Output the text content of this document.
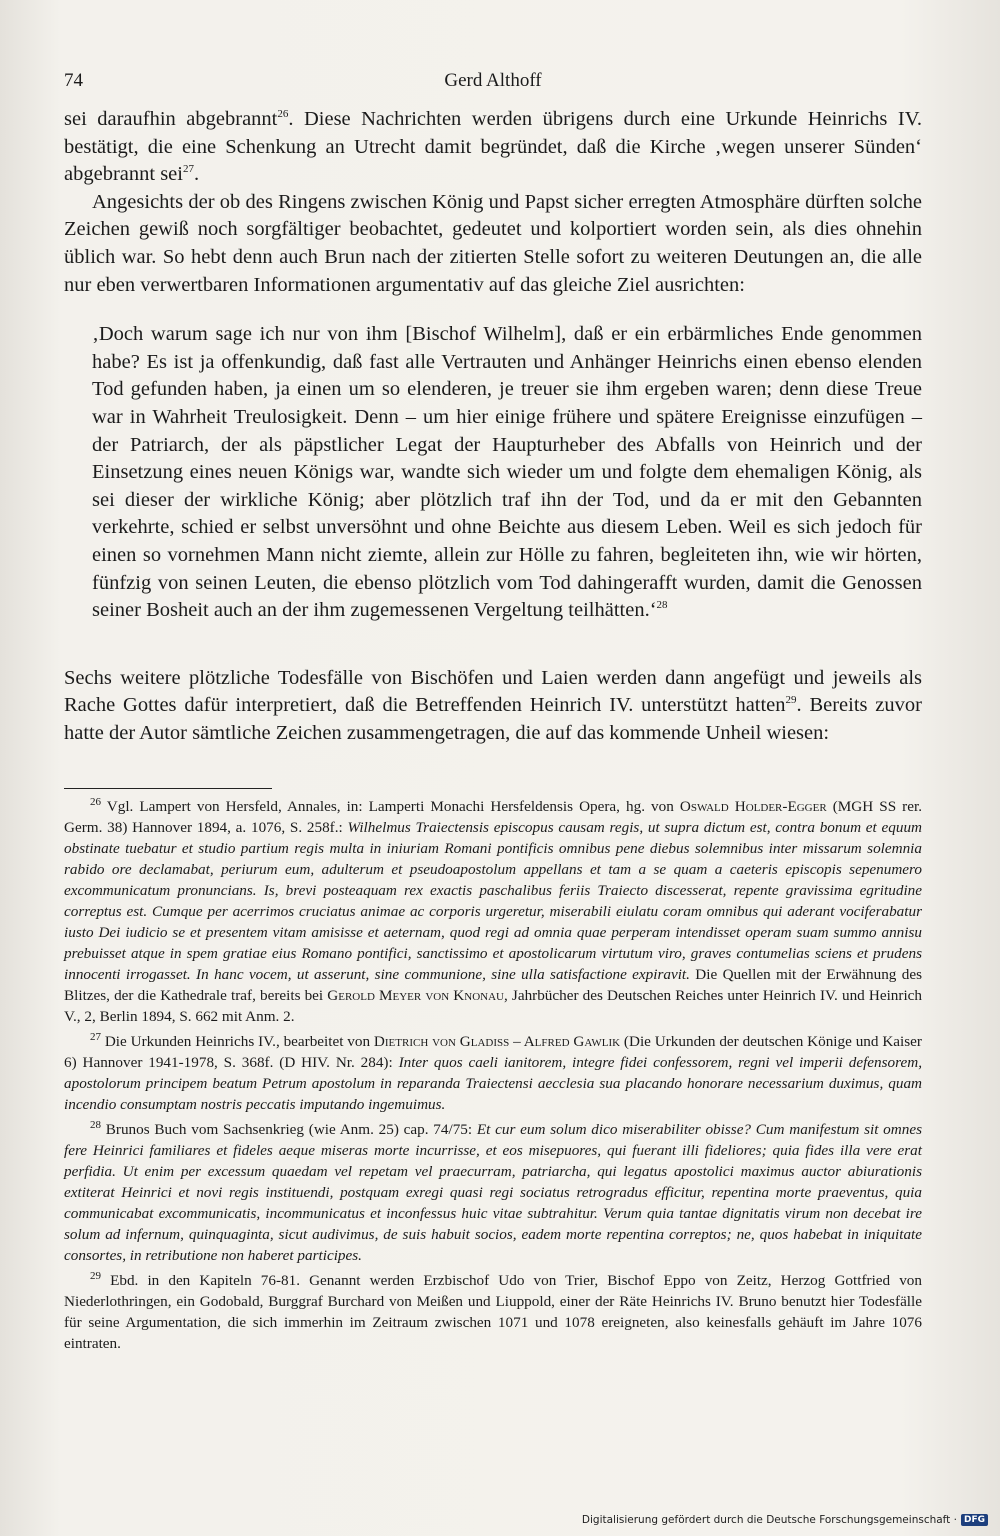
74	Gerd Althoff

sei daraufhin abgebrannt$^{26}$. Diese Nachrichten werden übrigens durch eine Urkunde Heinrichs IV. bestätigt, die eine Schenkung an Utrecht damit begründet, daß die Kirche ‚wegen unserer Sünden‘ abgebrannt sei$^{27}$.

Angesichts der ob des Ringens zwischen König und Papst sicher erregten Atmosphäre dürften solche Zeichen gewiß noch sorgfältiger beobachtet, gedeutet und kolportiert worden sein, als dies ohnehin üblich war. So hebt denn auch Brun nach der zitierten Stelle sofort zu weiteren Deutungen an, die alle nur eben verwertbaren Informationen argumentativ auf das gleiche Ziel ausrichten:

‚Doch warum sage ich nur von ihm [Bischof Wilhelm], daß er ein erbärmliches Ende genommen habe? Es ist ja offenkundig, daß fast alle Vertrauten und Anhänger Heinrichs einen ebenso elenden Tod gefunden haben, ja einen um so elenderen, je treuer sie ihm ergeben waren; denn diese Treue war in Wahrheit Treulosigkeit. Denn – um hier einige frühere und spätere Ereignisse einzufügen – der Patriarch, der als päpstlicher Legat der Haupturheber des Abfalls von Heinrich und der Einsetzung eines neuen Königs war, wandte sich wieder um und folgte dem ehemaligen König, als sei dieser der wirkliche König; aber plötzlich traf ihn der Tod, und da er mit den Gebannten verkehrte, schied er selbst unversöhnt und ohne Beichte aus diesem Leben. Weil es sich jedoch für einen so vornehmen Mann nicht ziemte, allein zur Hölle zu fahren, begleiteten ihn, wie wir hörten, fünfzig von seinen Leuten, die ebenso plötzlich vom Tod dahingerafft wurden, damit die Genossen seiner Bosheit auch an der ihm zugemessenen Vergeltung teilhätten.‘$^{28}$

Sechs weitere plötzliche Todesfälle von Bischöfen und Laien werden dann angefügt und jeweils als Rache Gottes dafür interpretiert, daß die Betreffenden Heinrich IV. unterstützt hatten$^{29}$. Bereits zuvor hatte der Autor sämtliche Zeichen zusammengetragen, die auf das kommende Unheil wiesen:

$^{26}$ Vgl. Lampert von Hersfeld, Annales, in: Lamperti Monachi Hersfeldensis Opera, hg. von Oswald Holder-Egger (MGH SS rer. Germ. 38) Hannover 1894, a. 1076, S. 258f.: Wilhelmus Traiectensis episcopus causam regis, ut supra dictum est, contra bonum et equum obstinate tuebatur et studio partium regis multa in iniuriam Romani pontificis omnibus pene diebus solemnibus inter missarum solemnia rabido ore declamabat, periurum eum, adulterum et pseudoapostolum appellans et tam a se quam a caeteris episcopis sepenumero excommunicatum pronuncians. Is, brevi posteaquam rex exactis paschalibus feriis Traiecto discesserat, repente gravissima egritudine correptus est. Cumque per acerrimos cruciatus animae ac corporis urgeretur, miserabili eiulatu coram omnibus qui aderant vociferabatur iusto Dei iudicio se et presentem vitam amisisse et aeternam, quod regi ad omnia quae perperam intendisset operam suam summo annisu prebuisset atque in spem gratiae eius Romano pontifici, sanctissimo et apostolicarum virtutum viro, graves contumelias sciens et prudens innocenti irrogasset. In hanc vocem, ut asserunt, sine communione, sine ulla satisfactione expiravit. Die Quellen mit der Erwähnung des Blitzes, der die Kathedrale traf, bereits bei Gerold Meyer von Knonau, Jahrbücher des Deutschen Reiches unter Heinrich IV. und Heinrich V., 2, Berlin 1894, S. 662 mit Anm. 2.

$^{27}$ Die Urkunden Heinrichs IV., bearbeitet von Dietrich von Gladiss – Alfred Gawlik (Die Urkunden der deutschen Könige und Kaiser 6) Hannover 1941-1978, S. 368f. (D HIV. Nr. 284): Inter quos caeli ianitorem, integre fidei confessorem, regni vel imperii defensorem, apostolorum principem beatum Petrum apostolum in reparanda Traiectensi aecclesia sua placando honorare necessarium duximus, quam incendio consumptam nostris peccatis imputando ingemuimus.

$^{28}$ Brunos Buch vom Sachsenkrieg (wie Anm. 25) cap. 74/75: Et cur eum solum dico miserabiliter obisse? Cum manifestum sit omnes fere Heinrici familiares et fideles aeque miseras morte incurrisse, et eos misериores, qui fuerant illi fideliores; quia fides illa vere erat perfidia. Ut enim per excessum quaedam vel repetam vel praecurram, patriarcha, qui legatus apostolici maximus auctor abiurationis extiterat Heinrici et novi regis instituendi, postquam exregi quasi regi sociatus retrogradus efficitur, repentina morte praeventus, quia communicabat excommunicatis, incommunicatus et inconfessus huic vitae subtrahitur. Verum quia tantae dignitatis virum non decebat ire solum ad infernum, quinquaginta, sicut audivimus, de suis habuit socios, eadem morte repentina correptos; ne, quos habebat in iniquitate consortes, in retributione non haberet participes.

$^{29}$ Ebd. in den Kapiteln 76-81. Genannt werden Erzbischof Udo von Trier, Bischof Eppo von Zeitz, Herzog Gottfried von Niederlothringen, ein Godobald, Burggraf Burchard von Meißen und Liuppold, einer der Räte Heinrichs IV. Bruno benutzt hier Todesfälle für seine Argumentation, die sich immerhin im Zeitraum zwischen 1071 und 1078 ereigneten, also keinesfalls gehäuft im Jahre 1076 eintraten.

Digitalisierung gefördert durch die Deutsche Forschungsgemeinschaft · DFG
